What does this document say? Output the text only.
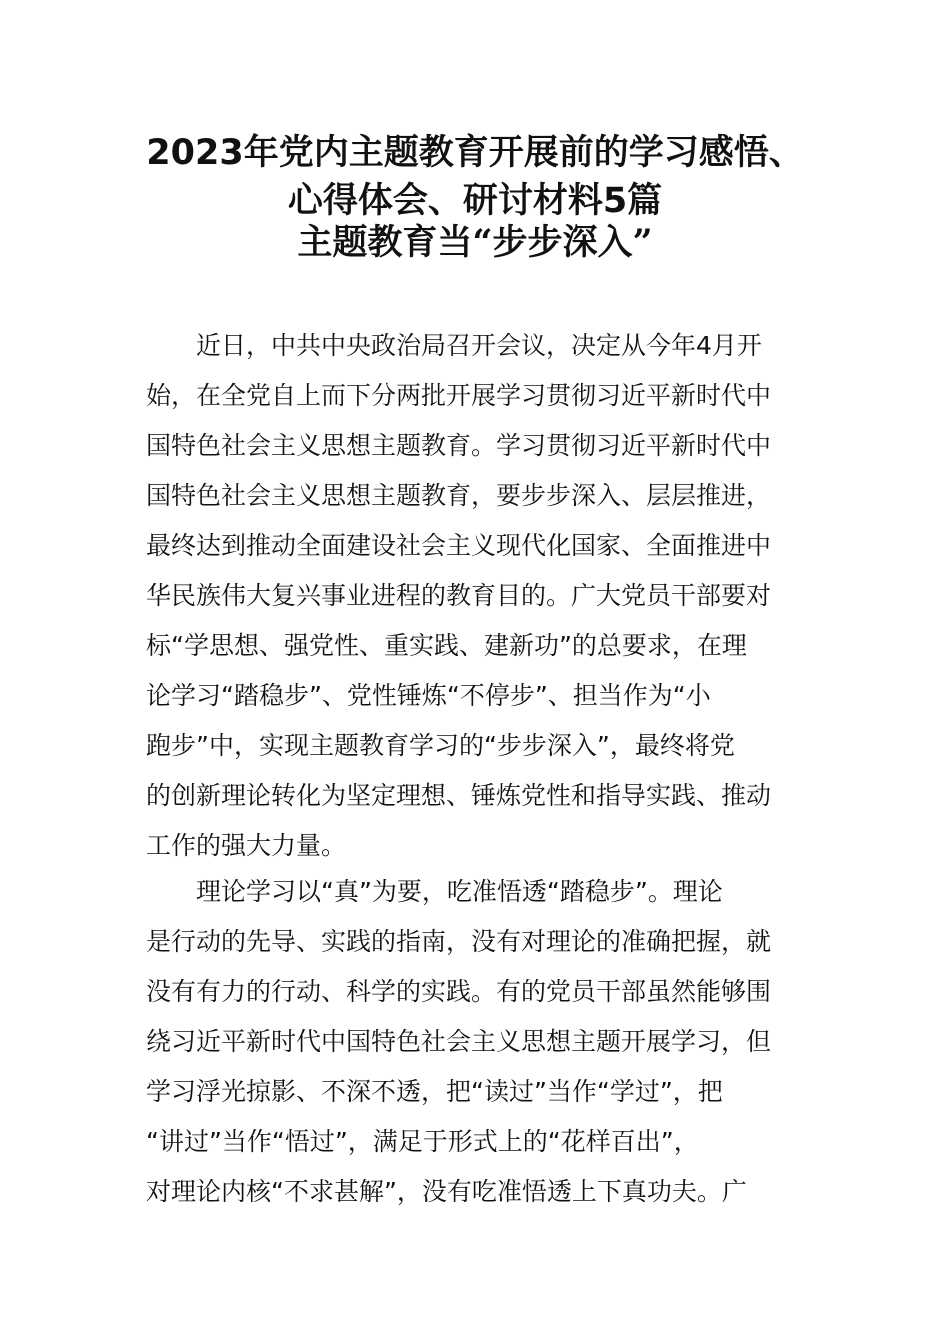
2023年党内主题教育开展前的学习感悟、
心得体会、研讨材料5篇
主题教育当“步步深入”
近日，中共中央政治局召开会议，决定从今年4月开
始，在全党自上而下分两批开展学习贯彻习近平新时代中
国特色社会主义思想主题教育。学习贯彻习近平新时代中
国特色社会主义思想主题教育，要步步深入、层层推进，
最终达到推动全面建设社会主义现代化国家、全面推进中
华民族伟大复兴事业进程的教育目的。广大党员干部要对
标“学思想、强党性、重实践、建新功”的总要求，在理
论学习“踏稳步”、党性锤炼“不停步”、担当作为“小
跑步”中，实现主题教育学习的“步步深入”，最终将党
的创新理论转化为坚定理想、锤炼党性和指导实践、推动
工作的强大力量。
理论学习以“真”为要，吃准悟透“踏稳步”。理论
是行动的先导、实践的指南，没有对理论的准确把握，就
没有有力的行动、科学的实践。有的党员干部虽然能够围
绕习近平新时代中国特色社会主义思想主题开展学习，但
学习浮光掠影、不深不透，把“读过”当作“学过”，把
“讲过”当作“悟过”，满足于形式上的“花样百出”，
对理论内核“不求甚解”，没有吃准悟透上下真功夫。广
